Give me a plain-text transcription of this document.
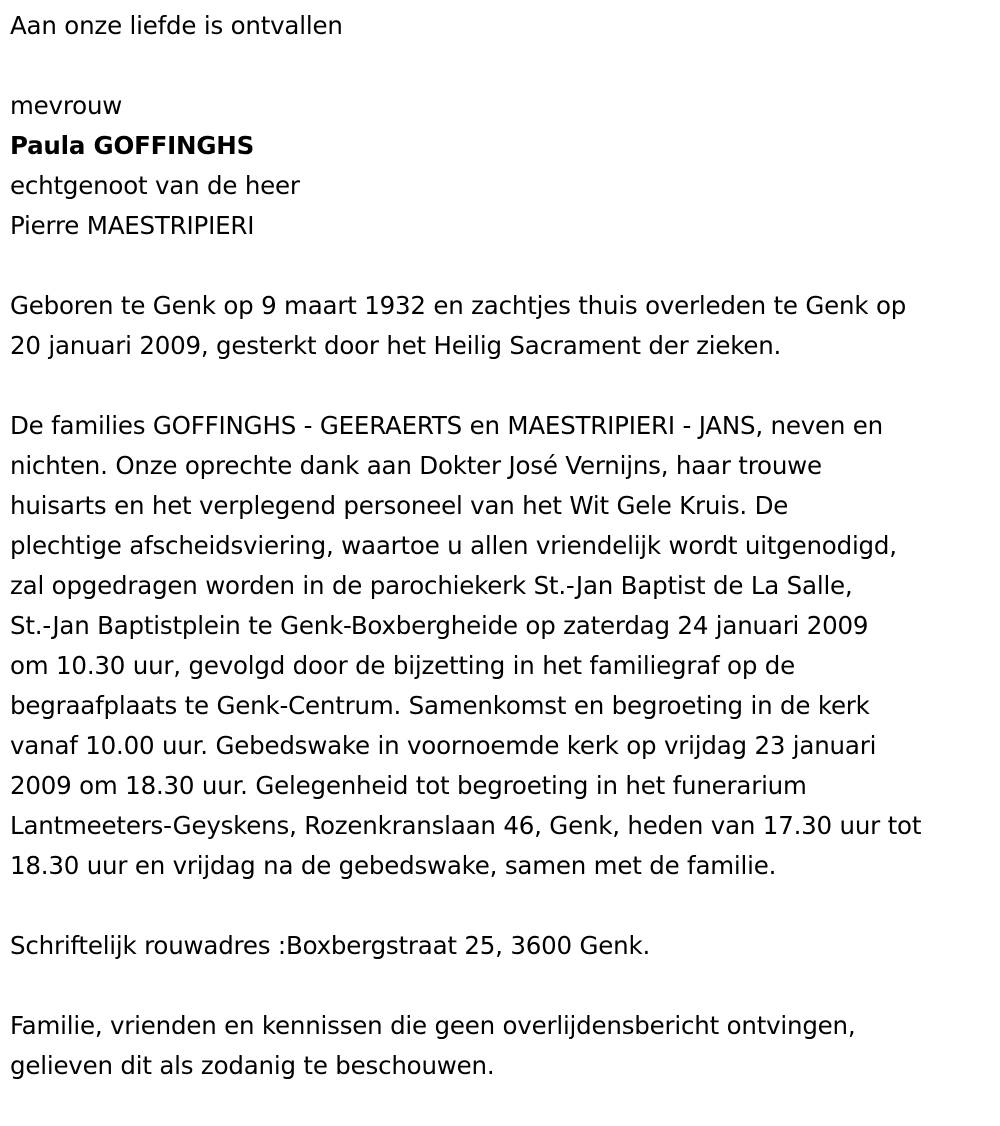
Aan onze liefde is ontvallen
mevrouw
Paula GOFFINGHS
echtgenoot van de heer
Pierre MAESTRIPIERI
Geboren te Genk op 9 maart 1932 en zachtjes thuis overleden te Genk op
20 januari 2009, gesterkt door het Heilig Sacrament der zieken.
De families GOFFINGHS - GEERAERTS en MAESTRIPIERI - JANS, neven en
nichten. Onze oprechte dank aan Dokter José Vernijns, haar trouwe
huisarts en het verplegend personeel van het Wit Gele Kruis. De
plechtige afscheidsviering, waartoe u allen vriendelijk wordt uitgenodigd,
zal opgedragen worden in de parochiekerk St.-Jan Baptist de La Salle,
St.-Jan Baptistplein te Genk-Boxbergheide op zaterdag 24 januari 2009
om 10.30 uur, gevolgd door de bijzetting in het familiegraf op de
begraafplaats te Genk-Centrum. Samenkomst en begroeting in de kerk
vanaf 10.00 uur. Gebedswake in voornoemde kerk op vrijdag 23 januari
2009 om 18.30 uur. Gelegenheid tot begroeting in het funerarium
Lantmeeters-Geyskens, Rozenkranslaan 46, Genk, heden van 17.30 uur tot
18.30 uur en vrijdag na de gebedswake, samen met de familie.
Schriftelijk rouwadres :Boxbergstraat 25, 3600 Genk.
Familie, vrienden en kennissen die geen overlijdensbericht ontvingen,
gelieven dit als zodanig te beschouwen.
